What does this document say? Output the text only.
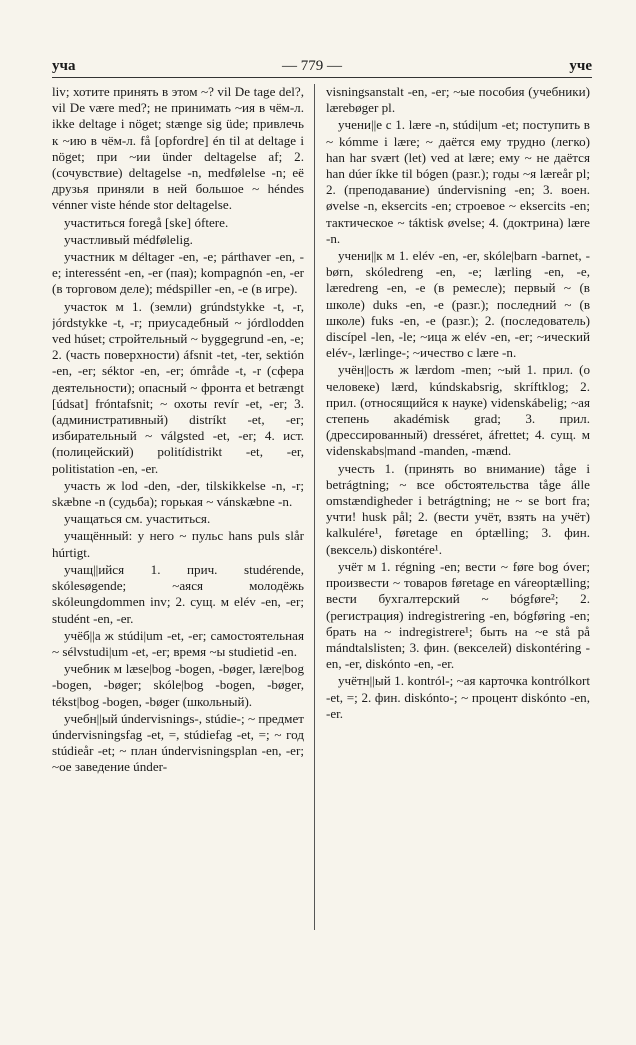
уча	— 779 —	уче

liv; хотите принять в этом ~? vil De tage del?, vil De være med?; не принимать ~ия в чём-л. ikke deltage i nöget; stænge sig üde; привлечь к ~ию в чём-л. få [opfordre] én til at deltage i nöget; при ~ии ünder deltagelse af; 2. (сочувствие) deltagelse -n, medfølelse -n; её друзья приняли в ней большое ~ héndes vénner viste hénde stor deltagelse.

участиться foregå [ske] óftere.

участливый médfølelig.

участник м déltager -en, -e; párthaver -en, -e; interessént -en, -er (пая); kompagnón -en, -er (в торговом деле); médspiller -en, -e (в игре).

участок м 1. (земли) grúndstykke -t, -r, jórdstykke -t, -r; приусадебный ~ jórdlodden ved húset; стройтельный ~ byggegrund -en, -e; 2. (часть поверхности) áfsnit -tet, -ter, sektión -en, -er; séktor -en, -er; ómråde -t, -r (сфера деятельности); опасный ~ фронта et betrængt [údsat] fróntafsnit; ~ охоты revír -et, -er; 3. (административный) distríkt -et, -er; избирательный ~ válgsted -et, -er; 4. ист. (полицейский) politídistrikt -et, -er, politistation -en, -er.

участь ж lod -den, -der, tilskikkelse -n, -r; skæbne -n (судьба); горькая ~ vánskæbne -n.

учащаться см. участиться.

учащённый: у него ~ пульс hans puls slår húrtigt.

учащ||ийся 1. прич. studérende, skólesøgende; ~аяся молодёжь skóleungdommen inv; 2. сущ. м elév -en, -er; studént -en, -er.

учёб||а ж stúdi|um -et, -er; самостоятельная ~ sélvstudi|um -et, -er; время ~ы studietid -en.

учебник м læse|bog -bogen, -bøger, lære|bog -bogen, -bøger; skóle|bog -bogen, -bøger, tékst|bog -bogen, -bøger (школьный).

учебн||ый úndervisnings-, stúdie-; ~ предмет úndervisningsfag -et, =, stúdiefag -et, =; ~ год stúdieår -et; ~ план úndervisningsplan -en, -er; ~ое заведение únder-

visningsanstalt -en, -er; ~ые пособия (учебники) lærebøger pl.

учени||е с 1. lære -n, stúdi|um -et; поступить в ~ kómme i lære; ~ даётся ему трудно (легко) han har svært (let) ved at lære; ему ~ не даётся han dúer íkke til bógen (разг.); годы ~я læreår pl; 2. (преподавание) úndervisning -en; 3. воен. øvelse -n, ekserci‎ts -en; строевое ~ ekserci‎ts -en; тактическое ~ táktisk øvelse; 4. (доктрина) lære -n.

учени||к м 1. elév -en, -er, skóle|barn -barnet, -børn, skóledreng -en, -e; lærling -en, -e, læredreng -en, -e (в ремесле); первый ~ (в школе) duks -en, -e (разг.); последний ~ (в школе) fuks -en, -e (разг.); 2. (последователь) discípel -len, -le; ~ица ж elév -en, -er; ~ический elév-, lærlinge-; ~ичество с lære -n.

учён||ость ж lærdom -men; ~ый 1. прил. (о человеке) lærd, kúndskabsrig, skríftklog; 2. прил. (относящийся к науке) videnskábelig; ~ая степень akadémisk grad; 3. прил. (дрессированный) dresséret, áfrettet; 4. сущ. м videnskabs|mand -manden, -mænd.

учесть 1. (принять во внимание) tåge i betrágtning; ~ все обстоятельства tåge álle omstændigheder i betrágtning; не ~ se bort fra; учти! husk pål; 2. (вести учёт, взять на учёт) kalkulére¹, føretage en óptælling; 3. фин. (вексель) diskontére¹.

учёт м 1. régning -en; вести ~ føre bog óver; произвести ~ товаров føretage en váreoptælling; вести бухгалтерский ~ bógføre²; 2. (регистрация) indregistrering -en, bógføring -en; брать на ~ indregistrere¹; быть на ~е stå på mándtalslisten; 3. фин. (векселей) diskontéring -en, -er, diskónto -en, -er.

учётн||ый 1. kontról-; ~ая карточка kontrólkort -et, =; 2. фин. diskónto-; ~ процент diskónto -en, -er.
